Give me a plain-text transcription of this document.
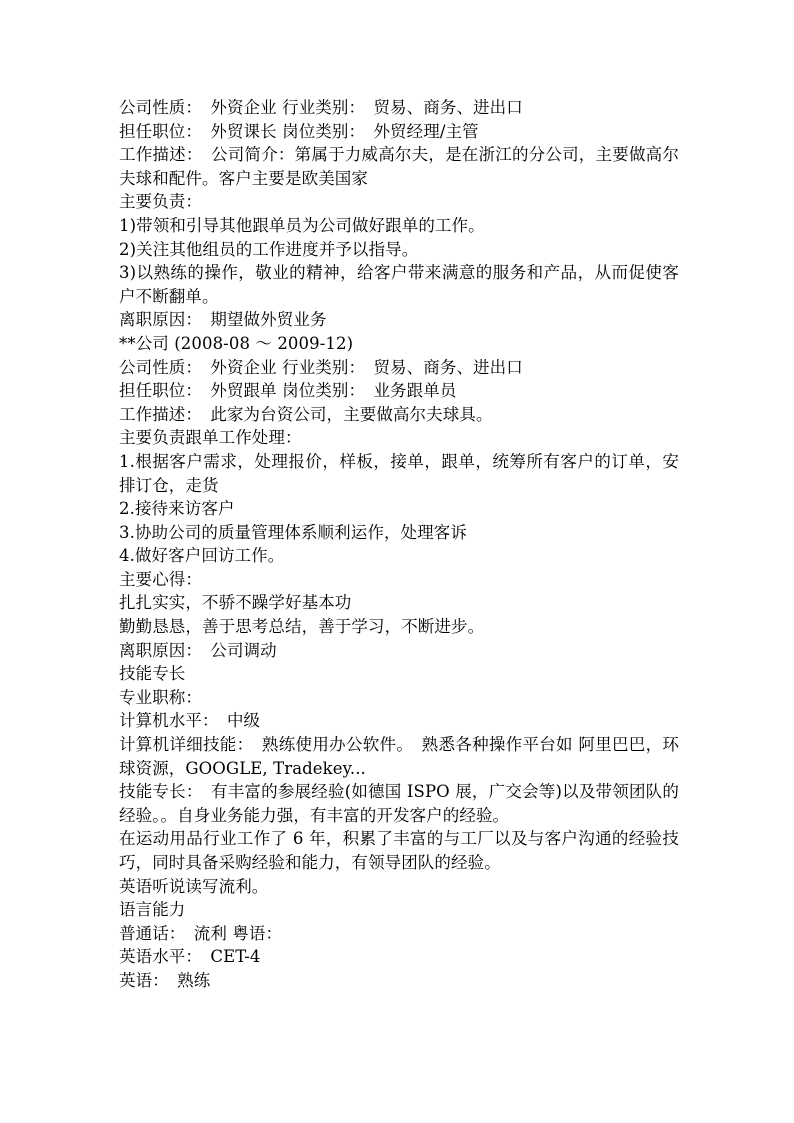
公司性质：　外资企业 行业类别：　贸易、商务、进出口
担任职位：　外贸课长 岗位类别：　外贸经理/主管
工作描述：　公司简介：第属于力威高尔夫，是在浙江的分公司，主要做高尔夫球和配件。客户主要是欧美国家
主要负责：
1)带领和引导其他跟单员为公司做好跟单的工作。
2)关注其他组员的工作进度并予以指导。
3)以熟练的操作，敬业的精神，给客户带来满意的服务和产品，从而促使客户不断翻单。
离职原因：　期望做外贸业务
**公司 (2008-08 ～ 2009-12)
公司性质：　外资企业 行业类别：　贸易、商务、进出口
担任职位：　外贸跟单 岗位类别：　业务跟单员
工作描述：　此家为台资公司，主要做高尔夫球具。
主要负责跟单工作处理：
1.根据客户需求，处理报价，样板，接单，跟单，统筹所有客户的订单，安排订仓，走货
2.接待来访客户
3.协助公司的质量管理体系顺利运作，处理客诉
4.做好客户回访工作。
主要心得：
扎扎实实，不骄不躁学好基本功
勤勤恳恳，善于思考总结，善于学习，不断进步。
离职原因：　公司调动
技能专长
专业职称：
计算机水平：　中级
计算机详细技能：　熟练使用办公软件。　熟悉各种操作平台如 阿里巴巴，环球资源，GOOGLE, Tradekey...
技能专长：　有丰富的参展经验(如德国 ISPO 展，广交会等)以及带领团队的经验。。自身业务能力强，有丰富的开发客户的经验。
在运动用品行业工作了 6 年，积累了丰富的与工厂以及与客户沟通的经验技巧，同时具备采购经验和能力，有领导团队的经验。
英语听说读写流利。
语言能力
普通话：　流利 粤语：
英语水平：　CET-4
英语：　熟练
